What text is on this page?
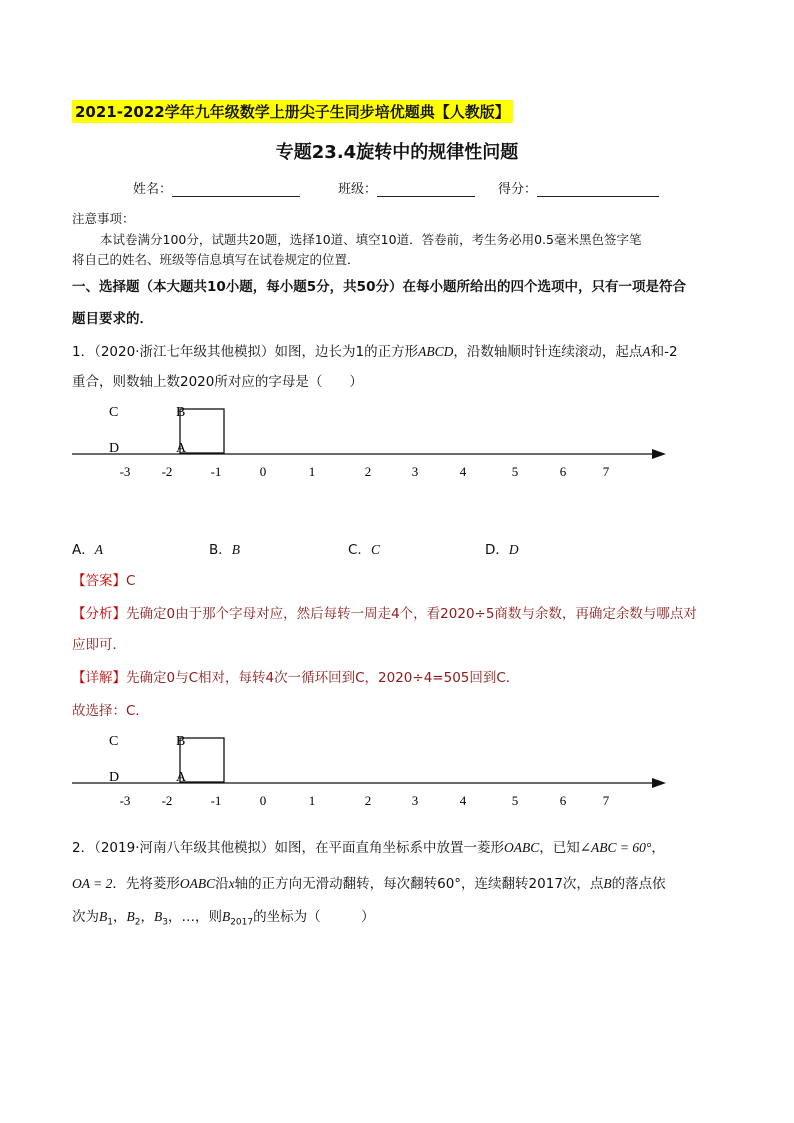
2021-2022学年九年级数学上册尖子生同步培优题典【人教版】
专题23.4旋转中的规律性问题
姓名：	班级：	得分：
注意事项：
本试卷满分100分，试题共20题，选择10道、填空10道．答卷前，考生务必用0.5毫米黑色签字笔
将自己的姓名、班级等信息填写在试卷规定的位置．
一、选择题（本大题共10小题，每小题5分，共50分）在每小题所给出的四个选项中，只有一项是符合
题目要求的．
1．（2020·浙江七年级其他模拟）如图，边长为1的正方形ABCD，沿数轴顺时针连续滚动，起点A和-2
重合，则数轴上数2020所对应的字母是（　　）
C	B
D	A
-3 -2	-1	0	1	2	3	4	5	6	7
A．A	B．B	C．C	D．D
【答案】C
【分析】先确定0由于那个字母对应，然后每转一周走4个，看2020÷5商数与余数，再确定余数与哪点对
应即可．
【详解】先确定0与C相对，每转4次一循环回到C，2020÷4=505回到C．
故选择：C．
C	B
D	A
-3 -2	-1	0	1	2	3	4	5	6	7
2．（2019·河南八年级其他模拟）如图，在平面直角坐标系中放置一菱形OABC，已知∠ABC = 60°，
OA = 2．先将菱形OABC沿x轴的正方向无滑动翻转，每次翻转60°，连续翻转2017次，点B的落点依
次为$B_1$，$B_2$，$B_3$，…，则$B_{2017}$的坐标为（　　　）
